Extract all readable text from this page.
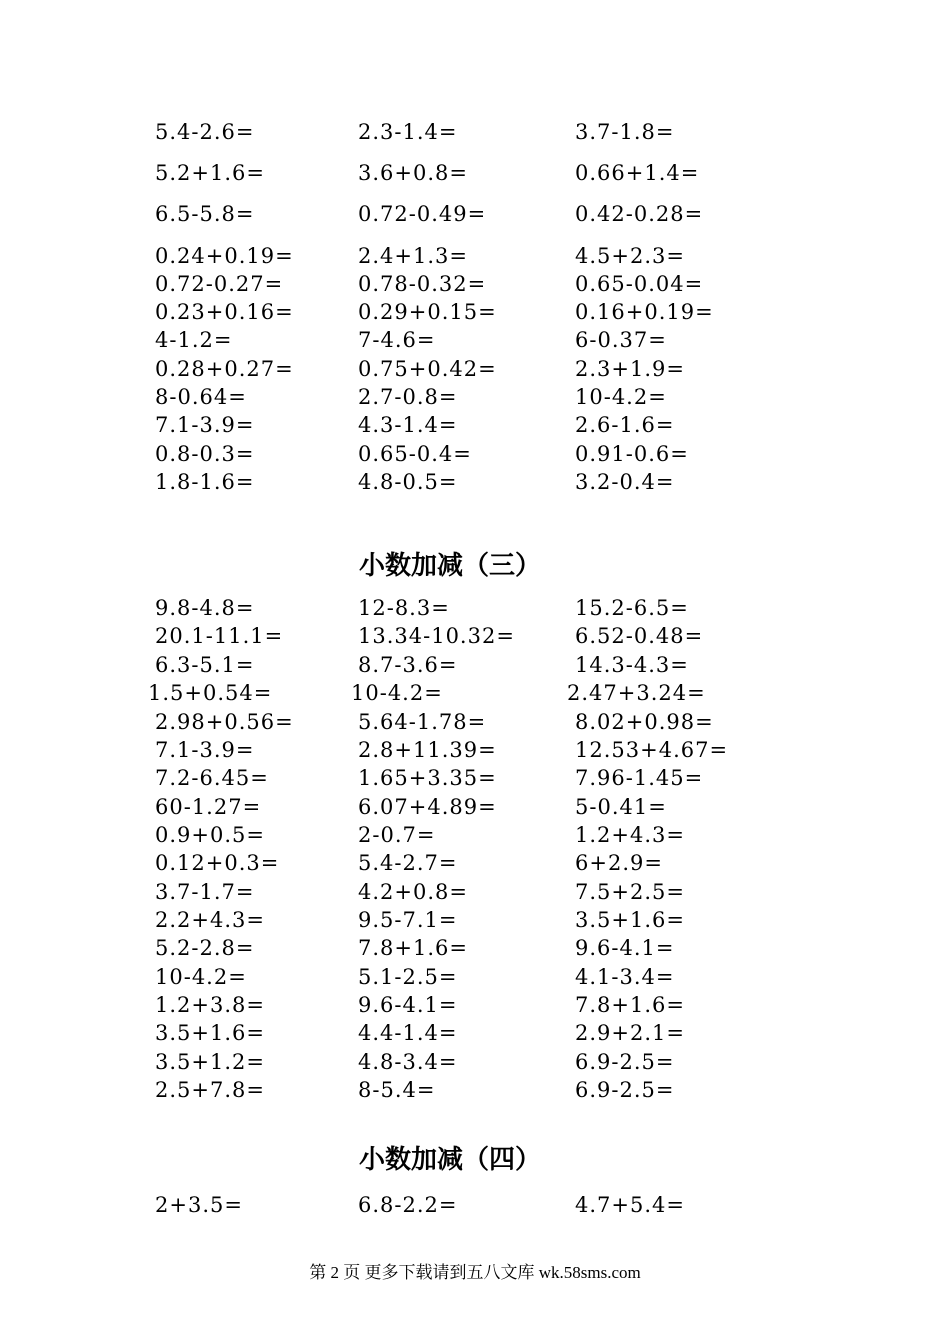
5.4-2.6=	2.3-1.4=	3.7-1.8=
5.2+1.6=	3.6+0.8=	0.66+1.4=
6.5-5.8=	0.72-0.49=	0.42-0.28=
0.24+0.19=	2.4+1.3=	4.5+2.3=
0.72-0.27=	0.78-0.32=	0.65-0.04=
0.23+0.16=	0.29+0.15=	0.16+0.19=
4-1.2=	7-4.6=	6-0.37=
0.28+0.27=	0.75+0.42=	2.3+1.9=
8-0.64=	2.7-0.8=	10-4.2=
7.1-3.9=	4.3-1.4=	2.6-1.6=
0.8-0.3=	0.65-0.4=	0.91-0.6=
1.8-1.6=	4.8-0.5=	3.2-0.4=
小数加减（三）
9.8-4.8=	12-8.3=	15.2-6.5=
20.1-11.1=	13.34-10.32=	6.52-0.48=
6.3-5.1=	8.7-3.6=	14.3-4.3=
1.5+0.54=	10-4.2=	2.47+3.24=
2.98+0.56=	5.64-1.78=	8.02+0.98=
7.1-3.9=	2.8+11.39=	12.53+4.67=
7.2-6.45=	1.65+3.35=	7.96-1.45=
60-1.27=	6.07+4.89=	5-0.41=
0.9+0.5=	2-0.7=	1.2+4.3=
0.12+0.3=	5.4-2.7=	6+2.9=
3.7-1.7=	4.2+0.8=	7.5+2.5=
2.2+4.3=	9.5-7.1=	3.5+1.6=
5.2-2.8=	7.8+1.6=	9.6-4.1=
10-4.2=	5.1-2.5=	4.1-3.4=
1.2+3.8=	9.6-4.1=	7.8+1.6=
3.5+1.6=	4.4-1.4=	2.9+2.1=
3.5+1.2=	4.8-3.4=	6.9-2.5=
2.5+7.8=	8-5.4=	6.9-2.5=
小数加减（四）
2+3.5=	6.8-2.2=	4.7+5.4=
第 2 页 更多下载请到五八文库 wk.58sms.com
